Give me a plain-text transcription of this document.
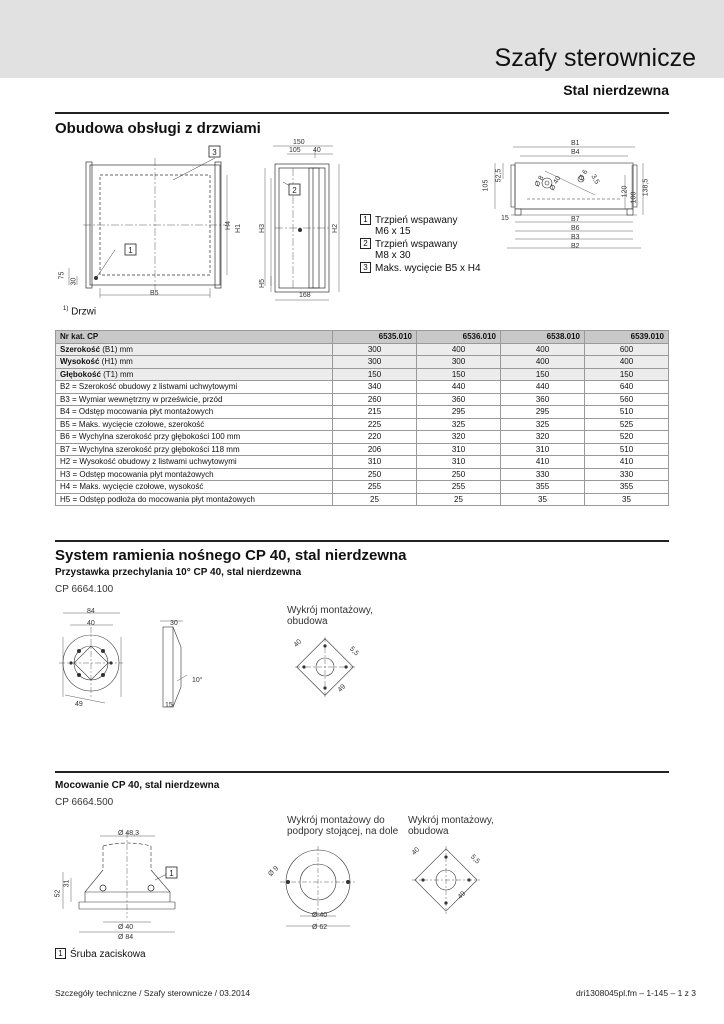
Szafy sterownicze
Stal nierdzewna
Obudowa obsługi z drzwiami
1
3
B5
H4
75
30
$^{1)}$ Drzwi
2
150
105 40
H3	H2
H5
168
H1
1 Trzpień wspawany
M6 x 15
2 Trzpień wspawany
M8 x 30
3 Maks. wycięcie B5 x H4
B1
B4
105
52,5
15	B7
B6
B3
B2
120
100
138,5
Ø 8 Ø 40 Ø 6 3,5
Nr kat. CP	6535.010	6536.010	6538.010	6539.010
Szerokość (B1) mm	300	400	400	600
Wysokość (H1) mm	300	300	400	400
Głębokość (T1) mm	150	150	150	150
B2 = Szerokość obudowy z listwami uchwytowymi	340	440	440	640
B3 = Wymiar wewnętrzny w prześwicie, przód	260	360	360	560
B4 = Odstęp mocowania płyt montażowych	215	295	295	510
B5 = Maks. wycięcie czołowe, szerokość	225	325	325	525
B6 = Wychylna szerokość przy głębokości 100 mm	220	320	320	520
B7 = Wychylna szerokość przy głębokości 118 mm	206	310	310	510
H2 = Wysokość obudowy z listwami uchwytowymi	310	310	410	410
H3 = Odstęp mocowania płyt montażowych	250	250	330	330
H4 = Maks. wycięcie czołowe, wysokość	255	255	355	355
H5 = Odstęp podłoża do mocowania płyt montażowych	25	25	35	35
System ramienia nośnego CP 40, stal nierdzewna
Przystawka przechylania 10° CP 40, stal nierdzewna
CP 6664.100
84
40
49
30
15
10°
Wykrój montażowy,
obudowa
40
5,5
49
Mocowanie CP 40, stal nierdzewna
CP 6664.500
1
Ø 48,3
31
52
Ø 40
Ø 84
1 Śruba zaciskowa
Wykrój montażowy do
podpory stojącej, na dole
Ø 9
Ø 40
Ø 62
Wykrój montażowy,
obudowa
40
5,5
49
Szczegóły techniczne / Szafy sterownicze / 03.2014	dri1308045pl.fm – 1-145 – 1 z 3
